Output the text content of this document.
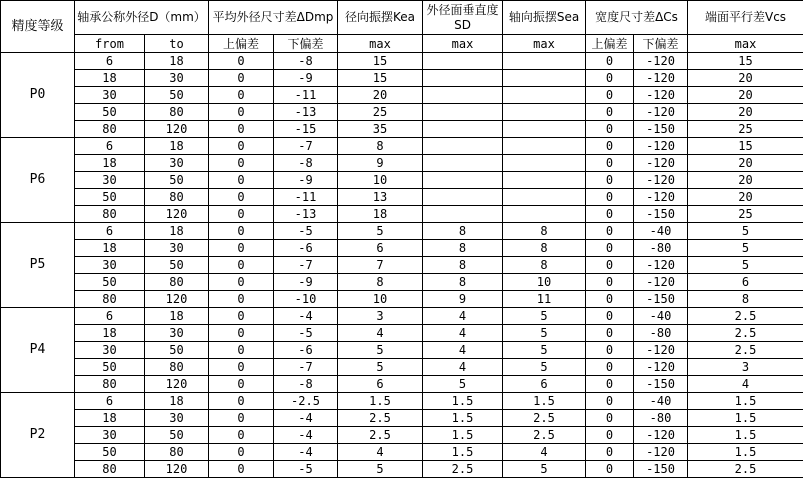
精度等级	轴承公称外径D（mm）		平均外径尺寸差ΔDmp		径向振摆Kea	外径面垂直度SD	轴向振摆Sea	宽度尺寸差ΔCs		端面平行差Vcs
	from	to	上偏差	下偏差	max	max	max	上偏差	下偏差	max
P0	6	18	0	-8	15			0	-120	15
	18	30	0	-9	15			0	-120	20
	30	50	0	-11	20			0	-120	20
	50	80	0	-13	25			0	-120	20
	80	120	0	-15	35			0	-150	25
P6	6	18	0	-7	8			0	-120	15
	18	30	0	-8	9			0	-120	20
	30	50	0	-9	10			0	-120	20
	50	80	0	-11	13			0	-120	20
	80	120	0	-13	18			0	-150	25
P5	6	18	0	-5	5	8	8	0	-40	5
	18	30	0	-6	6	8	8	0	-80	5
	30	50	0	-7	7	8	8	0	-120	5
	50	80	0	-9	8	8	10	0	-120	6
	80	120	0	-10	10	9	11	0	-150	8
P4	6	18	0	-4	3	4	5	0	-40	2.5
	18	30	0	-5	4	4	5	0	-80	2.5
	30	50	0	-6	5	4	5	0	-120	2.5
	50	80	0	-7	5	4	5	0	-120	3
	80	120	0	-8	6	5	6	0	-150	4
P2	6	18	0	-2.5	1.5	1.5	1.5	0	-40	1.5
	18	30	0	-4	2.5	1.5	2.5	0	-80	1.5
	30	50	0	-4	2.5	1.5	2.5	0	-120	1.5
	50	80	0	-4	4	1.5	4	0	-120	1.5
	80	120	0	-5	5	2.5	5	0	-150	2.5
